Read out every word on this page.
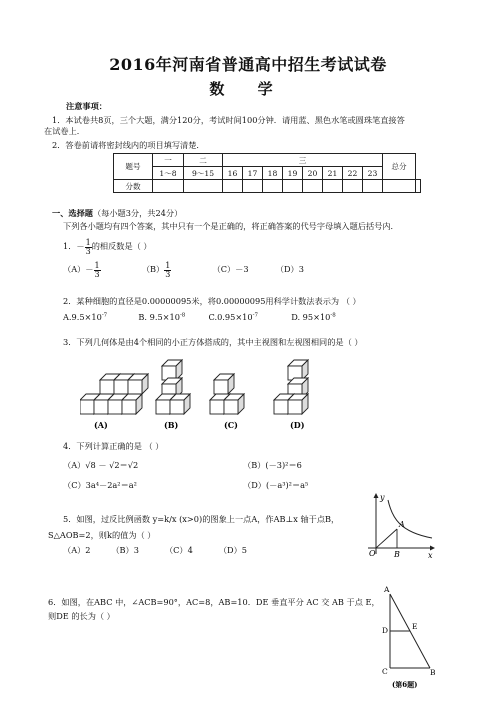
2016年河南省普通高中招生考试试卷
数 学
注意事项：
1．本试卷共8页，三个大题，满分120分，考试时间100分钟．请用蓝、黑色水笔或圆珠笔直接答
在试卷上．
2．答卷前请将密封线内的项目填写清楚．
题号	一	二	三								总分	
	1～8	9～15	16	17	18	19	20	21	22	23		
分数												
一、选择题（每小题3分，共24分）
下列各小题均有四个答案，其中只有一个是正确的，将正确答案的代号字母填入题后括号内．
1．－ $\frac{1}{3}$ 的相反数是（ ）
$(A)- \frac{1}{3}$	$(B) \frac{1}{3}$	（C）－3	（D）3
2．某种细胞的直径是0.00000095米，将0.00000095用科学计数法表示为 （ ）
$A.9.5\times 10^{-7}$	B. $9.5\times 10^{-8}$	$C.0.95\times 10^{-7}$	D. $95\times 10^{-8}$
3．下列几何体是由4个相同的小正方体搭成的，其中主视图和左视图相同的是（ ）
(A)	(B)	(C)	(D)
4．下列计算正确的是 （ ）
（A）√8 － √2＝√2	（B）(－3)²＝6
（C）3a⁴－2a²＝a²	（D）(－a³)²＝a⁵
5．如图，过反比例函数 y=k/x (x>0)的图象上一点A，作AB⊥x 轴于点B，
S△AOB=2，则k的值为（ ）
（A）2        （B）3          （C）4          （D）5
y
x
A
O B
6．如图，在ABC 中，∠ACB=90°，AC=8，AB=10．DE 垂直平分 AC 交 AB 于点 E，
则DE 的长为（ ）
A
D	E
C	B
(第6题)
